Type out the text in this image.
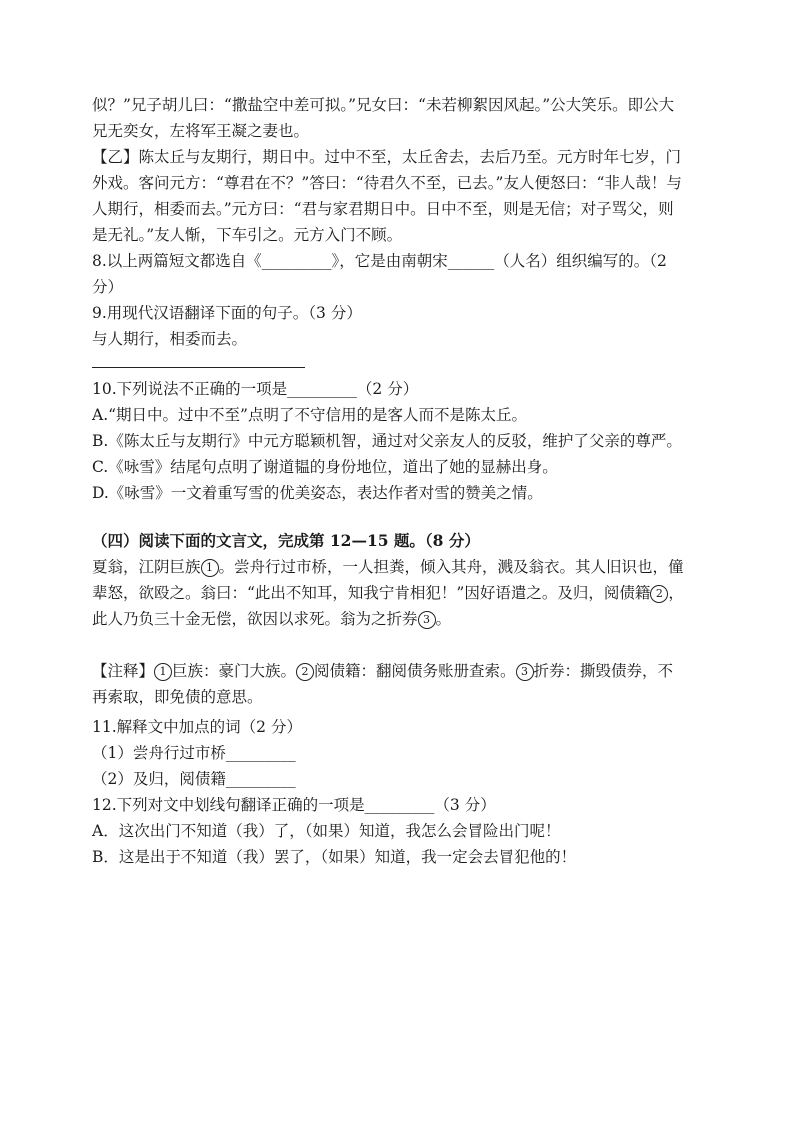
似？”兄子胡儿曰：“撒盐空中差可拟。”兄女曰：“未若柳絮因风起。”公大笑乐。即公大
兄无奕女，左将军王凝之妻也。
【乙】陈太丘与友期行，期日中。过中不至，太丘舍去，去后乃至。元方时年七岁，门
外戏。客问元方：“尊君在不？”答曰：“待君久不至，已去。”友人便怒曰：“非人哉！与
人期行，相委而去。”元方曰：“君与家君期日中。日中不至，则是无信；对子骂父，则
是无礼。”友人惭，下车引之。元方入门不顾。
8.以上两篇短文都选自《_________》，它是由南朝宋______（人名）组织编写的。（2
分）
9.用现代汉语翻译下面的句子。（3 分）
与人期行，相委而去。
10.下列说法不正确的一项是_________（2 分）
A.“期日中。过中不至”点明了不守信用的是客人而不是陈太丘。
B.《陈太丘与友期行》中元方聪颖机智，通过对父亲友人的反驳，维护了父亲的尊严。
C.《咏雪》结尾句点明了谢道韫的身份地位，道出了她的显赫出身。
D.《咏雪》一文着重写雪的优美姿态，表达作者对雪的赞美之情。
（四）阅读下面的文言文，完成第 12—15 题。（8 分）
夏翁，江阴巨族 1 。尝舟行过市桥，一人担粪，倾入其舟，溅及翁衣。其人旧识也，僮
辈怒，欲殴之。翁曰：“此出不知耳，知我宁肯相犯！”因好语遣之。及归，阅债籍 2 ，
此人乃负三十金无偿，欲因以求死。翁为之折券 3 。
【注释】 1 巨族：豪门大族。 2 阅债籍：翻阅债务账册查索。 3 折券：撕毁债券，不
再索取，即免债的意思。
11.解释文中加点的词（2 分）
（1）尝舟行过市桥_________
（2）及归，阅债籍_________
12.下列对文中划线句翻译正确的一项是_________（3 分）
A．这次出门不知道（我）了，（如果）知道，我怎么会冒险出门呢！
B．这是出于不知道（我）罢了，（如果）知道，我一定会去冒犯他的！
